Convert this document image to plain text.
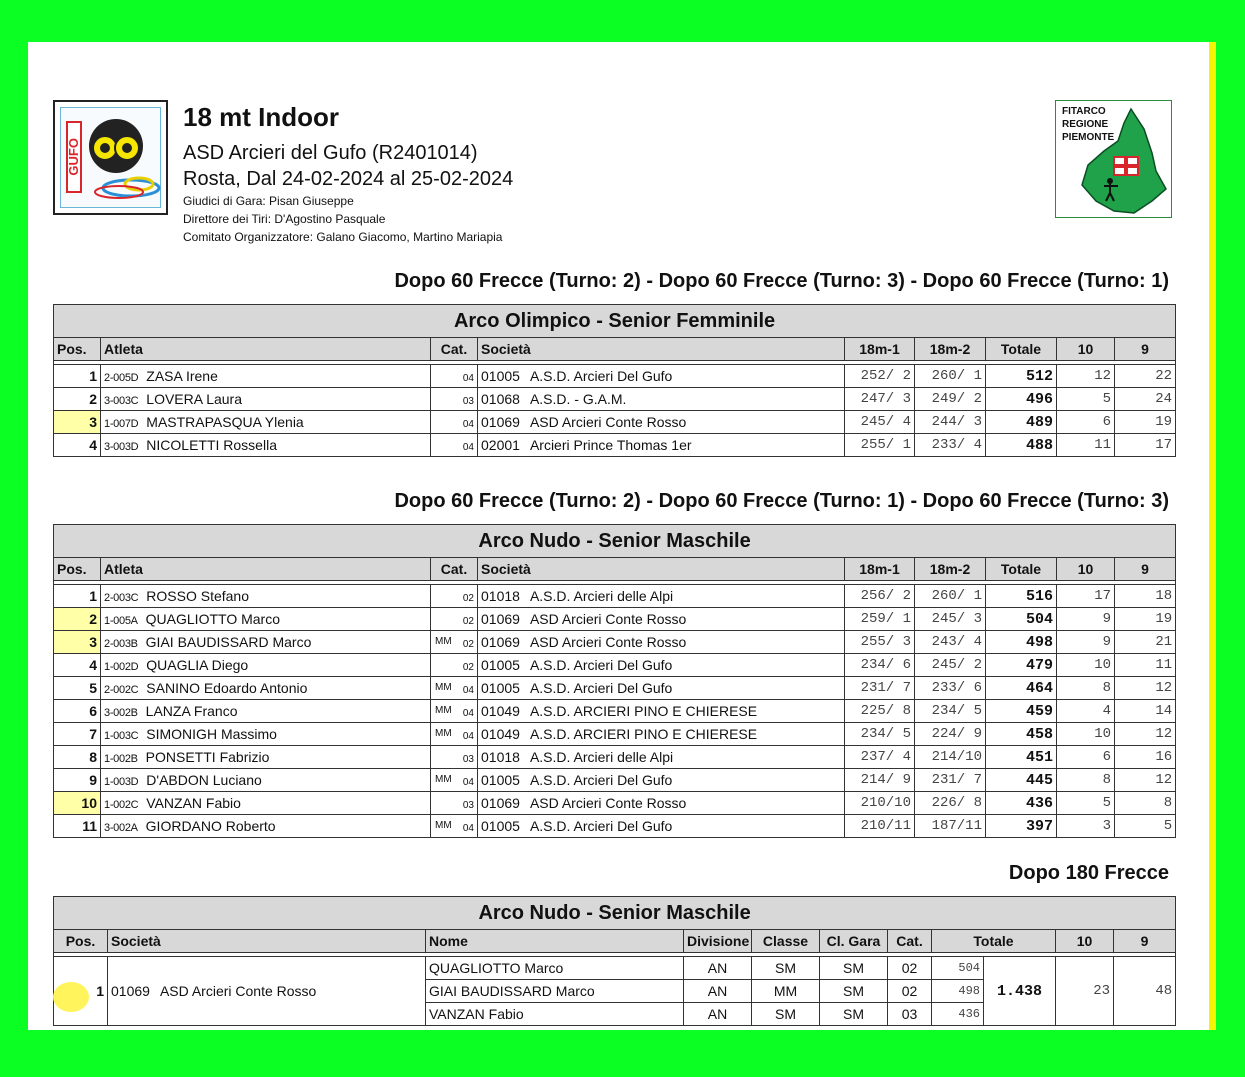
GUFO
18 mt Indoor
ASD Arcieri del Gufo (R2401014)
Rosta, Dal 24-02-2024 al 25-02-2024
Giudici di Gara: Pisan Giuseppe
Direttore dei Tiri: D'Agostino Pasquale
Comitato Organizzatore: Galano Giacomo, Martino Mariapia
FITARCO
REGIONE
PIEMONTE
Dopo 60 Frecce (Turno: 2) - Dopo 60 Frecce (Turno: 3) - Dopo 60 Frecce (Turno: 1)
Arco Olimpico - Senior Femminile								
Pos.	Atleta	Cat.	Società	18m-1	18m-2	Totale	10	9

1	2-005D ZASA Irene	04	01005 A.S.D. Arcieri Del Gufo	252/ 2	260/ 1	512	12	22
2	3-003C LOVERA Laura	03	01068 A.S.D. - G.A.M.	247/ 3	249/ 2	496	5	24
3	1-007D MASTRAPASQUA Ylenia	04	01069 ASD Arcieri Conte Rosso	245/ 4	244/ 3	489	6	19
4	3-003D NICOLETTI Rossella	04	02001 Arcieri Prince Thomas 1er	255/ 1	233/ 4	488	11	17
Dopo 60 Frecce (Turno: 2) - Dopo 60 Frecce (Turno: 1) - Dopo 60 Frecce (Turno: 3)
Arco Nudo - Senior Maschile								
Pos.	Atleta	Cat.	Società	18m-1	18m-2	Totale	10	9

1	2-003C ROSSO Stefano	02	01018 A.S.D. Arcieri delle Alpi	256/ 2	260/ 1	516	17	18
2	1-005A QUAGLIOTTO Marco	02	01069 ASD Arcieri Conte Rosso	259/ 1	245/ 3	504	9	19
3	2-003B GIAI BAUDISSARD Marco	MM 02	01069 ASD Arcieri Conte Rosso	255/ 3	243/ 4	498	9	21
4	1-002D QUAGLIA Diego	02	01005 A.S.D. Arcieri Del Gufo	234/ 6	245/ 2	479	10	11
5	2-002C SANINO Edoardo Antonio	MM 04	01005 A.S.D. Arcieri Del Gufo	231/ 7	233/ 6	464	8	12
6	3-002B LANZA Franco	MM 04	01049 A.S.D. ARCIERI PINO E CHIERESE	225/ 8	234/ 5	459	4	14
7	1-003C SIMONIGH Massimo	MM 04	01049 A.S.D. ARCIERI PINO E CHIERESE	234/ 5	224/ 9	458	10	12
8	1-002B PONSETTI Fabrizio	03	01018 A.S.D. Arcieri delle Alpi	237/ 4	214/10	451	6	16
9	1-003D D'ABDON Luciano	MM 04	01005 A.S.D. Arcieri Del Gufo	214/ 9	231/ 7	445	8	12
10	1-002C VANZAN Fabio	03	01069 ASD Arcieri Conte Rosso	210/10	226/ 8	436	5	8
11	3-002A GIORDANO Roberto	MM 04	01005 A.S.D. Arcieri Del Gufo	210/11	187/11	397	3	5
Dopo 180 Frecce
Arco Nudo - Senior Maschile										
Pos.	Società	Nome	Divisione	Classe	Cl. Gara	Cat.	Totale		10	9

1	01069 ASD Arcieri Conte Rosso	QUAGLIOTTO Marco	AN	SM	SM	02	504	1.438	23	48
		GIAI BAUDISSARD Marco	AN	MM	SM	02	498			
		VANZAN Fabio	AN	SM	SM	03	436			
